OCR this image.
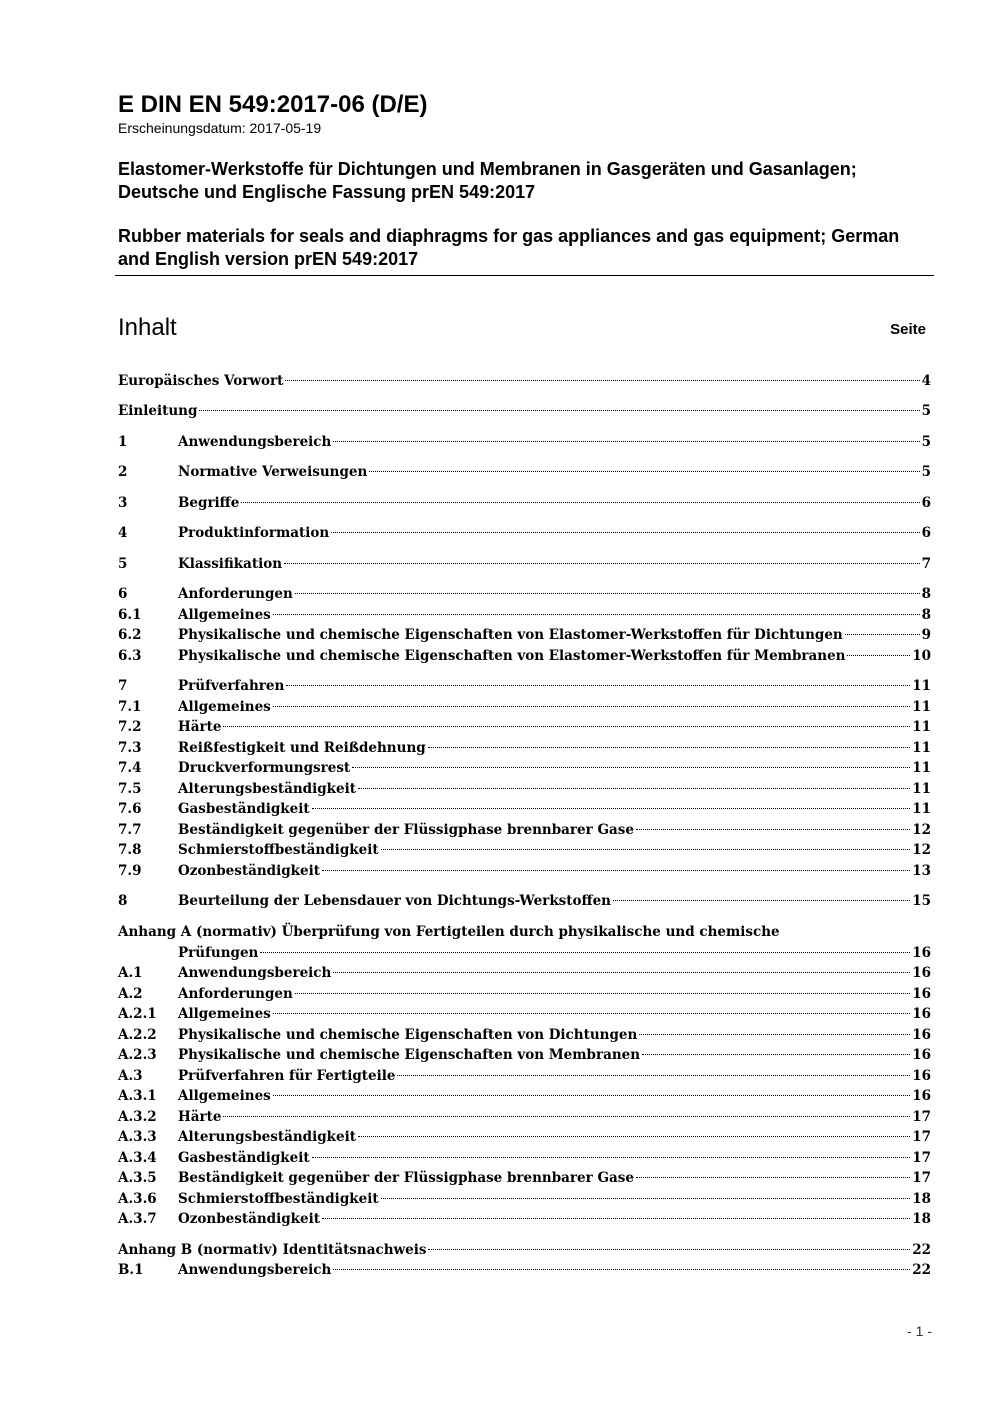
E DIN EN 549:2017-06 (D/E)
Erscheinungsdatum: 2017-05-19
Elastomer-Werkstoffe für Dichtungen und Membranen in Gasgeräten und Gasanlagen; Deutsche und Englische Fassung prEN 549:2017
Rubber materials for seals and diaphragms for gas appliances and gas equipment; German and English version prEN 549:2017
Inhalt	Seite
Europäisches Vorwort	4
Einleitung	5
1	Anwendungsbereich	5
2	Normative Verweisungen	5
3	Begriffe	6
4	Produktinformation	6
5	Klassifikation	7
6	Anforderungen	8
6.1	Allgemeines	8
6.2	Physikalische und chemische Eigenschaften von Elastomer-Werkstoffen für Dichtungen	9
6.3	Physikalische und chemische Eigenschaften von Elastomer-Werkstoffen für Membranen	10
7	Prüfverfahren	11
7.1	Allgemeines	11
7.2	Härte	11
7.3	Reißfestigkeit und Reißdehnung	11
7.4	Druckverformungsrest	11
7.5	Alterungsbeständigkeit	11
7.6	Gasbeständigkeit	11
7.7	Beständigkeit gegenüber der Flüssigphase brennbarer Gase	12
7.8	Schmierstoffbeständigkeit	12
7.9	Ozonbeständigkeit	13
8	Beurteilung der Lebensdauer von Dichtungs-Werkstoffen	15
Anhang A (normativ) Überprüfung von Fertigteilen durch physikalische und chemische
Prüfungen	16
A.1	Anwendungsbereich	16
A.2	Anforderungen	16
A.2.1 Allgemeines	16
A.2.2 Physikalische und chemische Eigenschaften von Dichtungen	16
A.2.3 Physikalische und chemische Eigenschaften von Membranen	16
A.3	Prüfverfahren für Fertigteile	16
A.3.1 Allgemeines	16
A.3.2 Härte	17
A.3.3 Alterungsbeständigkeit	17
A.3.4 Gasbeständigkeit	17
A.3.5 Beständigkeit gegenüber der Flüssigphase brennbarer Gase	17
A.3.6 Schmierstoffbeständigkeit	18
A.3.7 Ozonbeständigkeit	18
Anhang B (normativ) Identitätsnachweis	22
B.1	Anwendungsbereich	22
- 1 -
